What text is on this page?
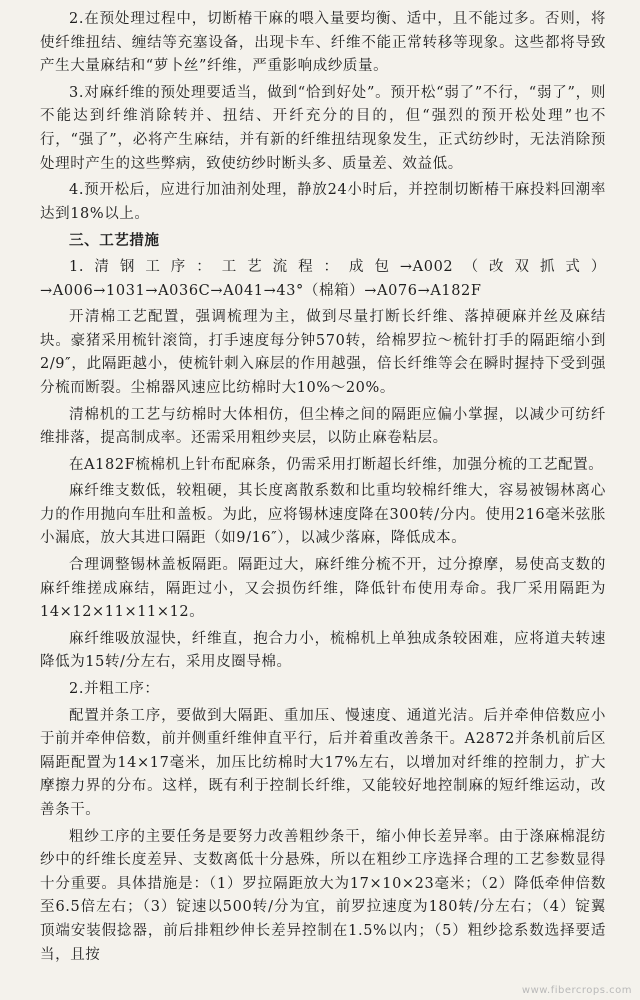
2.在预处理过程中，切断椿干麻的喂入量要均衡、适中，且不能过多。否则，将使纤维扭结、缠结等充塞设备，出现卡车、纤维不能正常转移等现象。这些都将导致产生大量麻结和“萝卜丝”纤维，严重影响成纱质量。

3.对麻纤维的预处理要适当，做到“恰到好处”。预开松“弱了”不行，“弱了”，则不能达到纤维消除转并、扭结、开纤充分的目的，但“强烈的预开松处理”也不行，“强了”，必将产生麻结，并有新的纤维扭结现象发生，正式纺纱时，无法消除预处理时产生的这些弊病，致使纺纱时断头多、质量差、效益低。

4.预开松后，应进行加油剂处理，静放24小时后，并控制切断椿干麻投料回潮率达到18%以上。

三、工艺措施

1.清钢工序：工艺流程：成包→A002（改双抓式）→A006→1031→A036C→A041→43°（棉箱）→A076→A182F

开清棉工艺配置，强调梳理为主，做到尽量打断长纤维、落掉硬麻并丝及麻结块。豪猪采用梳针滚筒，打手速度每分钟570转，给棉罗拉～梳针打手的隔距缩小到2/9″，此隔距越小，使梳针刺入麻层的作用越强，倍长纤维等会在瞬时握持下受到强分梳而断裂。尘棉器风速应比纺棉时大10%～20%。

清棉机的工艺与纺棉时大体相仿，但尘棒之间的隔距应偏小掌握，以减少可纺纤维排落，提高制成率。还需采用粗纱夹层，以防止麻卷粘层。

在A182F梳棉机上针布配麻条，仍需采用打断超长纤维，加强分梳的工艺配置。

麻纤维支数低，较粗硬，其长度离散系数和比重均较棉纤维大，容易被锡林离心力的作用抛向车肚和盖板。为此，应将锡林速度降在300转/分内。使用216毫米弦胀小漏底，放大其进口隔距（如9/16″），以减少落麻，降低成本。

合理调整锡林盖板隔距。隔距过大，麻纤维分梳不开，过分撩摩，易使高支数的麻纤维搓成麻结，隔距过小，又会损伤纤维，降低针布使用寿命。我厂采用隔距为14×12×11×11×12。

麻纤维吸放湿快，纤维直，抱合力小，梳棉机上单独成条较困难，应将道夫转速降低为15转/分左右，采用皮圈导棉。

2.并粗工序：

配置并条工序，要做到大隔距、重加压、慢速度、通道光洁。后并牵伸倍数应小于前并牵伸倍数，前并侧重纤维伸直平行，后并着重改善条干。A2872并条机前后区隔距配置为14×17毫米，加压比纺棉时大17%左右，以增加对纤维的控制力，扩大摩擦力界的分布。这样，既有利于控制长纤维，又能较好地控制麻的短纤维运动，改善条干。

粗纱工序的主要任务是要努力改善粗纱条干，缩小伸长差异率。由于涤麻棉混纺纱中的纤维长度差异、支数离低十分悬殊，所以在粗纱工序选择合理的工艺参数显得十分重要。具体措施是：（1）罗拉隔距放大为17×10×23毫米；（2）降低牵伸倍数至6.5倍左右；（3）锭速以500转/分为宜，前罗拉速度为180转/分左右；（4）锭翼顶端安装假捻器，前后排粗纱伸长差异控制在1.5%以内；（5）粗纱捻系数选择要适当，且按

www.fibercrops.com
